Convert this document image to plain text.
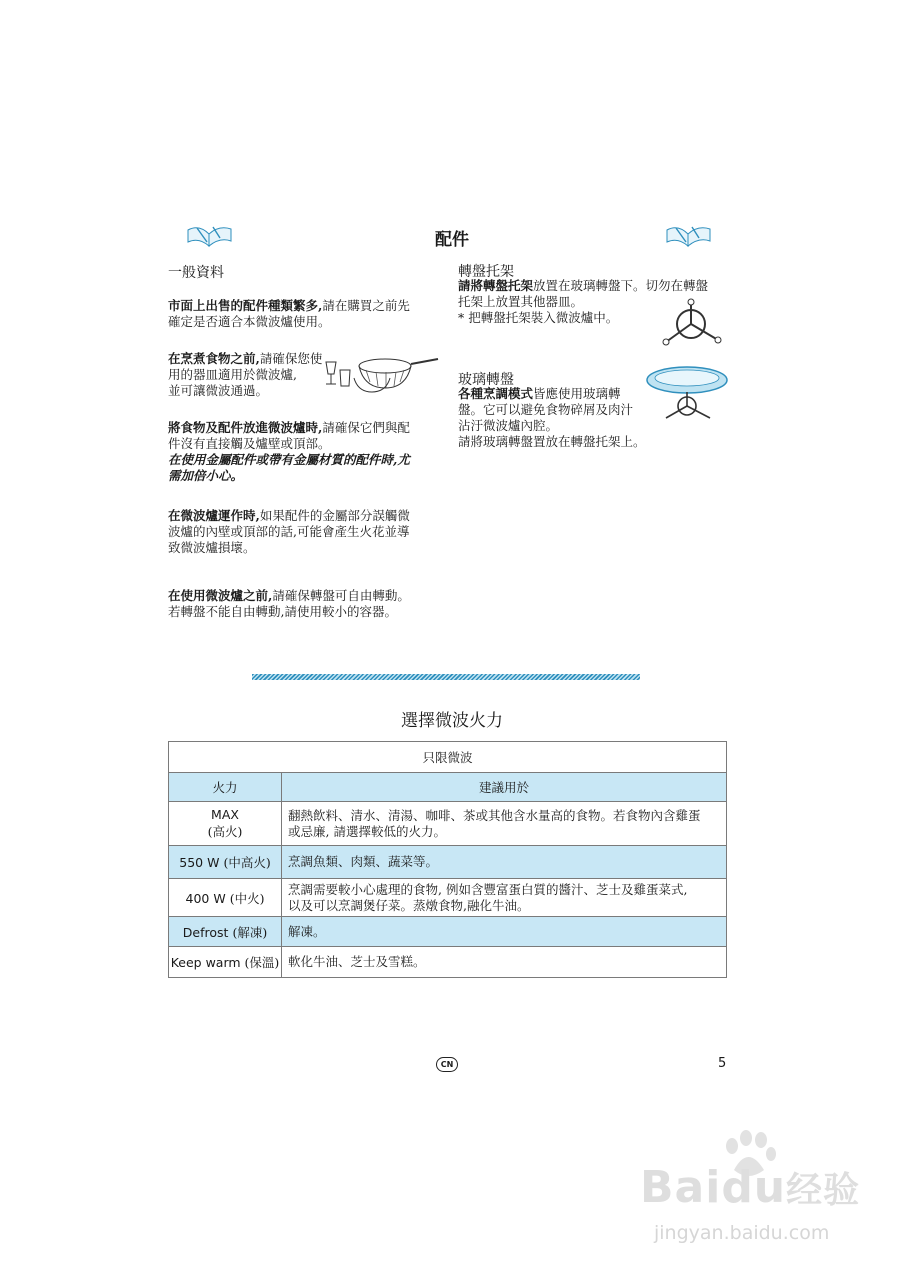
配件
一般資料
市面上出售的配件種類繁多,請在購買之前先
確定是否適合本微波爐使用。
在烹煮食物之前,請確保您使
用的器皿適用於微波爐,
並可讓微波通過。
將食物及配件放進微波爐時,請確保它們與配
件沒有直接觸及爐壁或頂部。
在使用金屬配件或帶有金屬材質的配件時,尤
需加倍小心。
在微波爐運作時,如果配件的金屬部分誤觸微
波爐的內壁或頂部的話,可能會產生火花並導
致微波爐損壞。
在使用微波爐之前,請確保轉盤可自由轉動。
若轉盤不能自由轉動,請使用較小的容器。
轉盤托架
請將轉盤托架放置在玻璃轉盤下。切勿在轉盤
托架上放置其他器皿。
* 把轉盤托架裝入微波爐中。
玻璃轉盤
各種烹調模式皆應使用玻璃轉
盤。它可以避免食物碎屑及肉汁
沾汙微波爐內腔。
請將玻璃轉盤置放在轉盤托架上。
選擇微波火力
只限微波	
火力	建議用於
MAX
(高火)	翻熱飲料、清水、清湯、咖啡、茶或其他含水量高的食物。若食物內含雞蛋
或忌廉, 請選擇較低的火力。
550 W (中高火)	烹調魚類、肉類、蔬菜等。
400 W (中火)	烹調需要較小心處理的食物, 例如含豐富蛋白質的醬汁、芝士及雞蛋菜式,
以及可以烹調煲仔菜。蒸燉食物,融化牛油。
Defrost (解凍)	解凍。
Keep warm (保溫)	軟化牛油、芝士及雪糕。
CN	5
Baidu经验
jingyan.baidu.com
